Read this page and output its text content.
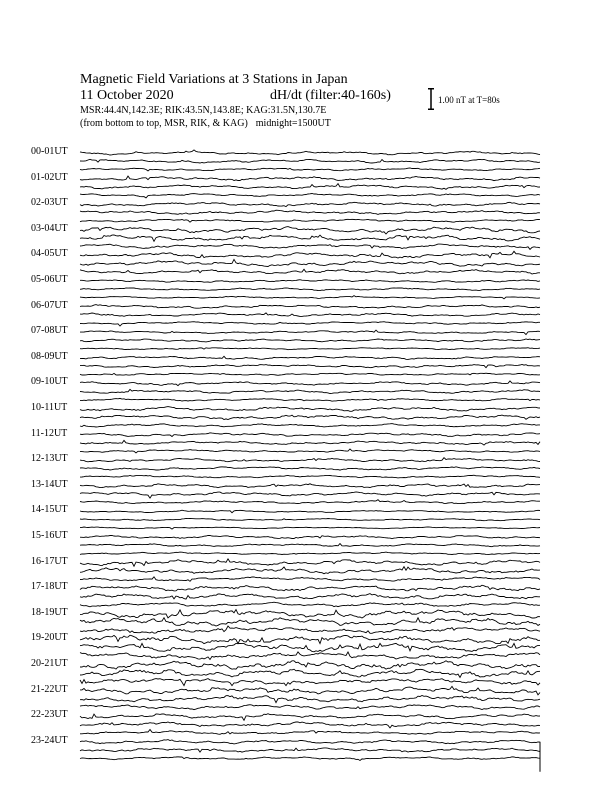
Magnetic Field Variations at 3 Stations in Japan
11 October 2020	dH/dt (filter:40-160s)
MSR:44.4N,142.3E; RIK:43.5N,143.8E; KAG:31.5N,130.7E
(from bottom to top, MSR, RIK, & KAG) midnight=1500UT
1.00 nT at T=80s
00-01UT
01-02UT
02-03UT
03-04UT
04-05UT
05-06UT
06-07UT
07-08UT
08-09UT
09-10UT
10-11UT
11-12UT
12-13UT
13-14UT
14-15UT
15-16UT
16-17UT
17-18UT
18-19UT
19-20UT
20-21UT
21-22UT
22-23UT
23-24UT
